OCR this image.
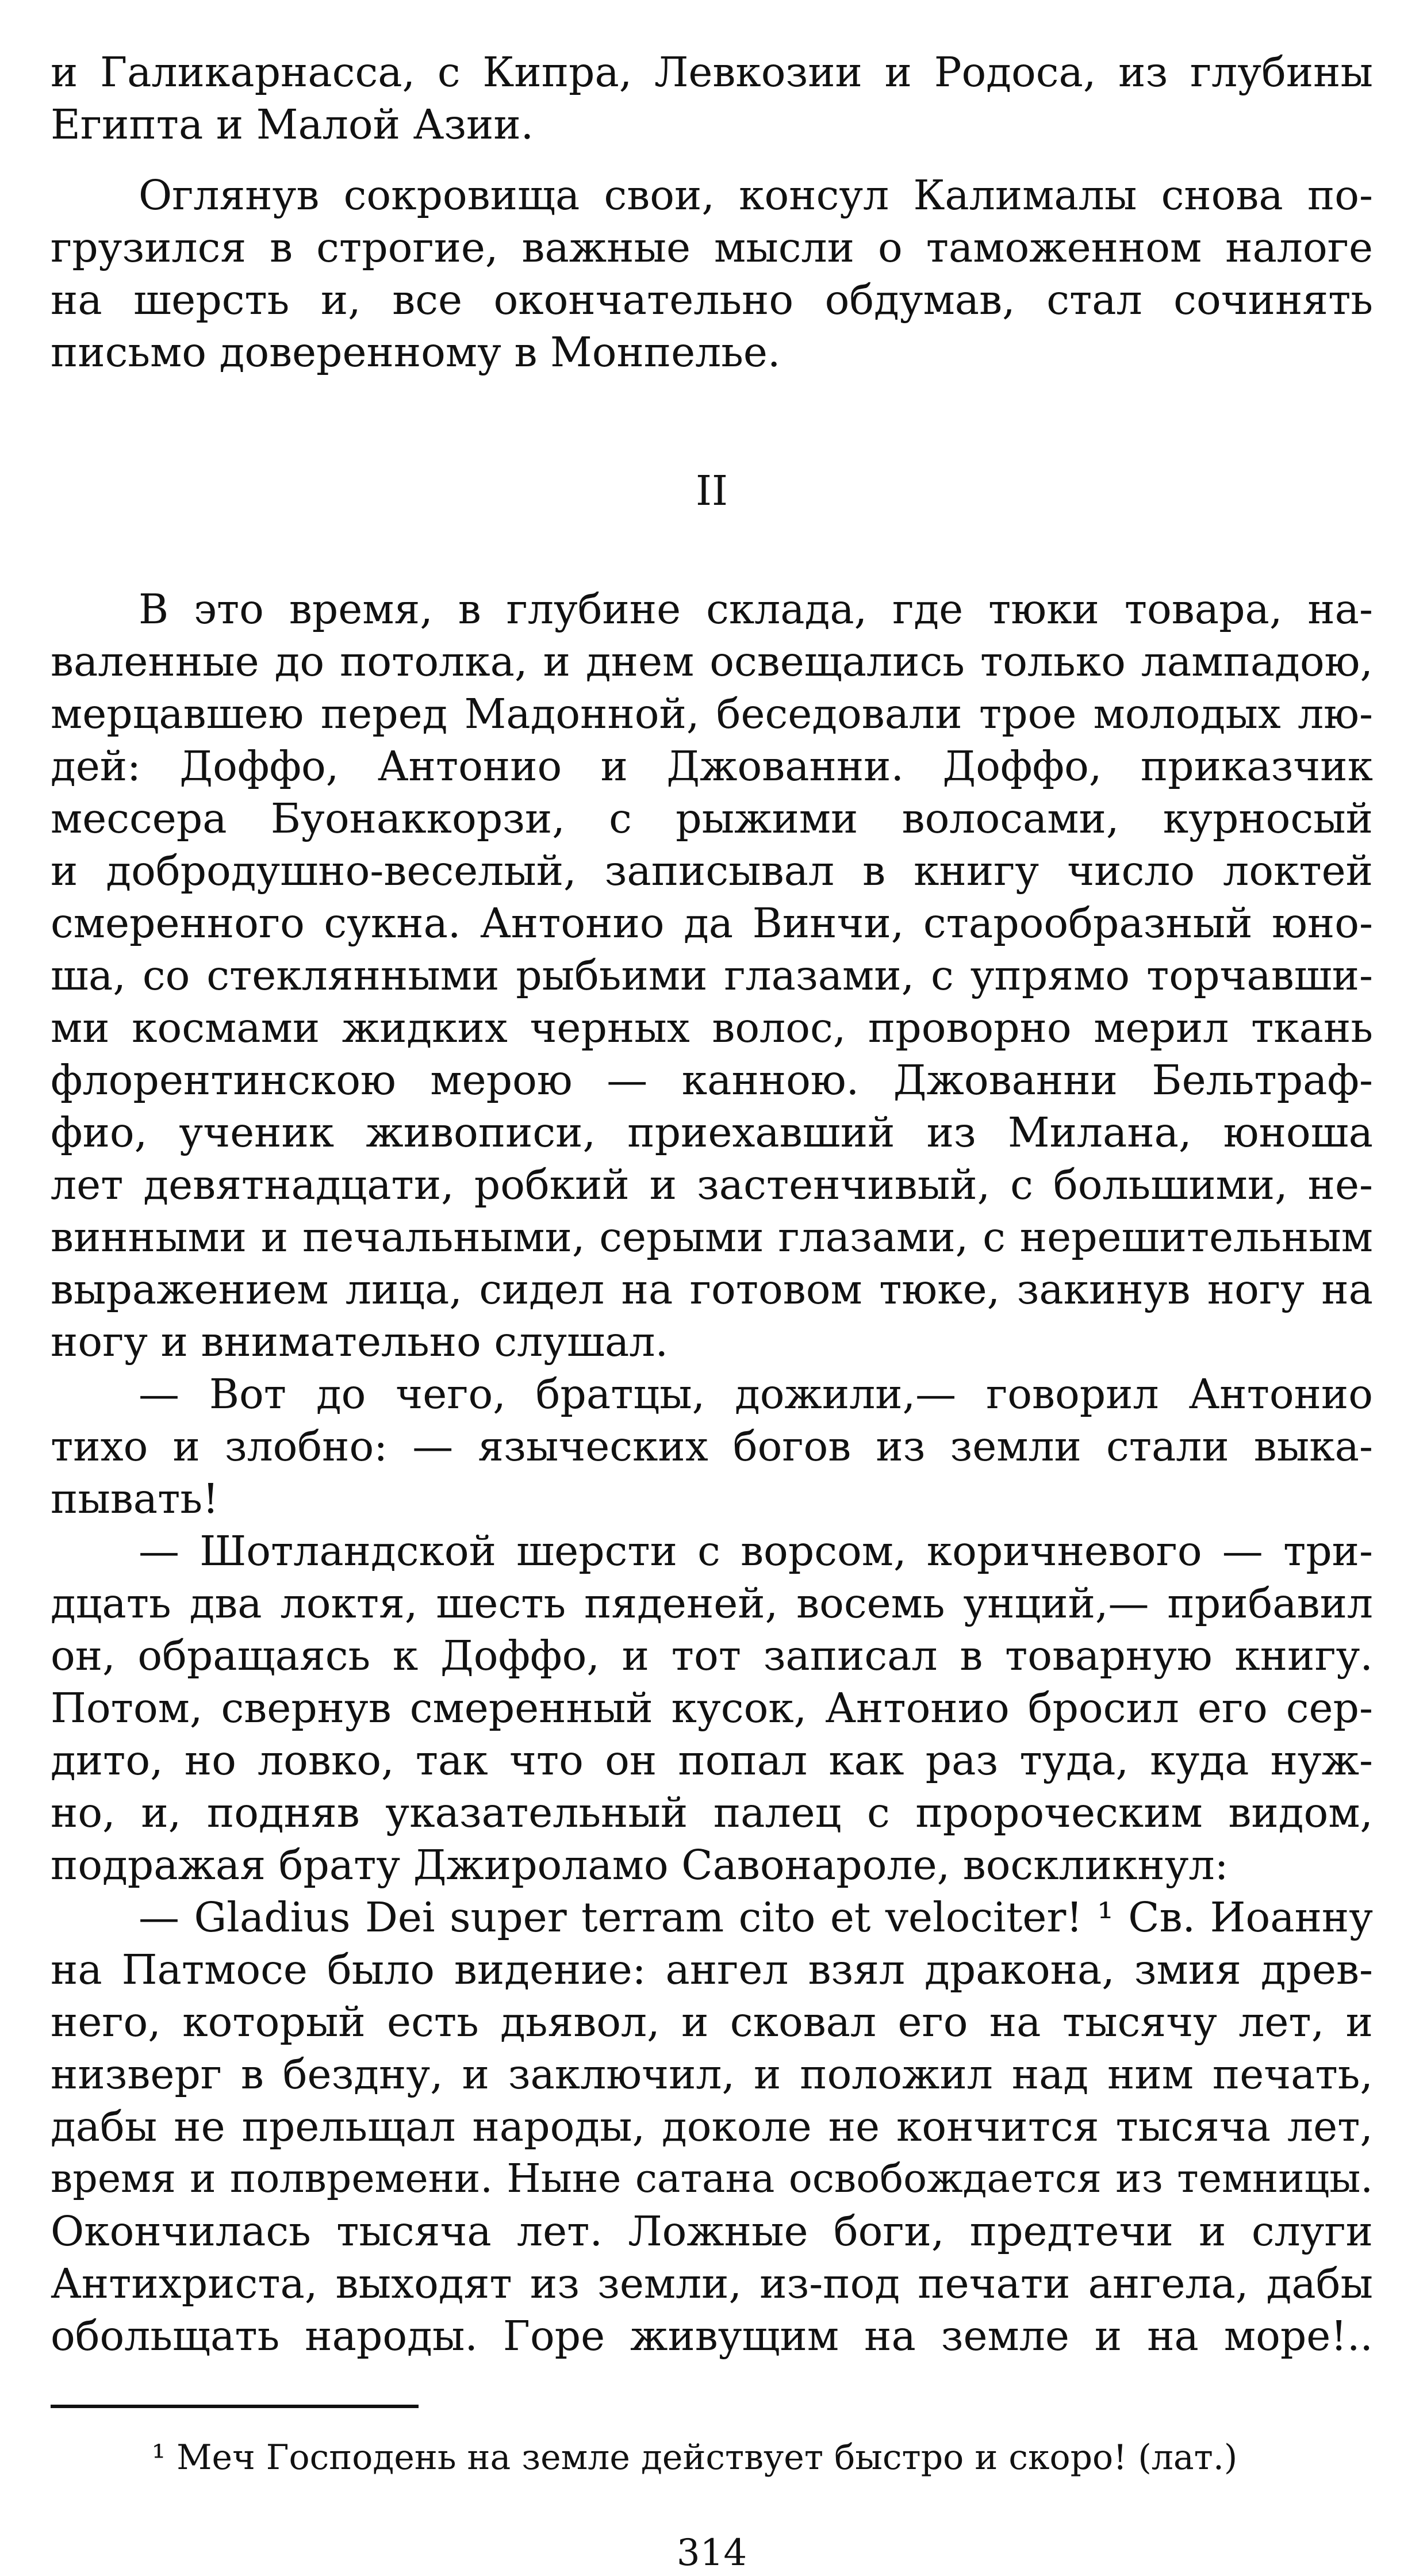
и Галикарнасса, с Кипра, Левкозии и Родоса, из глубины
Египта и Малой Азии.
Оглянув сокровища свои, консул Калималы снова по-
грузился в строгие, важные мысли о таможенном налоге
на шерсть и, все окончательно обдумав, стал сочинять
письмо доверенному в Монпелье.
II
В это время, в глубине склада, где тюки товара, на-
валенные до потолка, и днем освещались только лампадою,
мерцавшею перед Мадонной, беседовали трое молодых лю-
дей: Доффо, Антонио и Джованни. Доффо, приказчик
мессера Буонаккорзи, с рыжими волосами, курносый
и добродушно-веселый, записывал в книгу число локтей
смеренного сукна. Антонио да Винчи, старообразный юно-
ша, со стеклянными рыбьими глазами, с упрямо торчавши-
ми космами жидких черных волос, проворно мерил ткань
флорентинскою мерою — канною. Джованни Бельтраф-
фио, ученик живописи, приехавший из Милана, юноша
лет девятнадцати, робкий и застенчивый, с большими, не-
винными и печальными, серыми глазами, с нерешительным
выражением лица, сидел на готовом тюке, закинув ногу на
ногу и внимательно слушал.
— Вот до чего, братцы, дожили,— говорил Антонио
тихо и злобно: — языческих богов из земли стали выка-
пывать!
— Шотландской шерсти с ворсом, коричневого — три-
дцать два локтя, шесть пяденей, восемь унций,— прибавил
он, обращаясь к Доффо, и тот записал в товарную книгу.
Потом, свернув смеренный кусок, Антонио бросил его сер-
дито, но ловко, так что он попал как раз туда, куда нуж-
но, и, подняв указательный палец с пророческим видом,
подражая брату Джироламо Савонароле, воскликнул:
— Gladius Dei super terram cito et velociter! ¹ Св. Иоанну
на Патмосе было видение: ангел взял дракона, змия древ-
него, который есть дьявол, и сковал его на тысячу лет, и
низверг в бездну, и заключил, и положил над ним печать,
дабы не прельщал народы, доколе не кончится тысяча лет,
время и полвремени. Ныне сатана освобождается из темницы.
Окончилась тысяча лет. Ложные боги, предтечи и слуги
Антихриста, выходят из земли, из-под печати ангела, дабы
обольщать народы. Горе живущим на земле и на море!..
¹ Меч Господень на земле действует быстро и скоро! (лат.)
314
